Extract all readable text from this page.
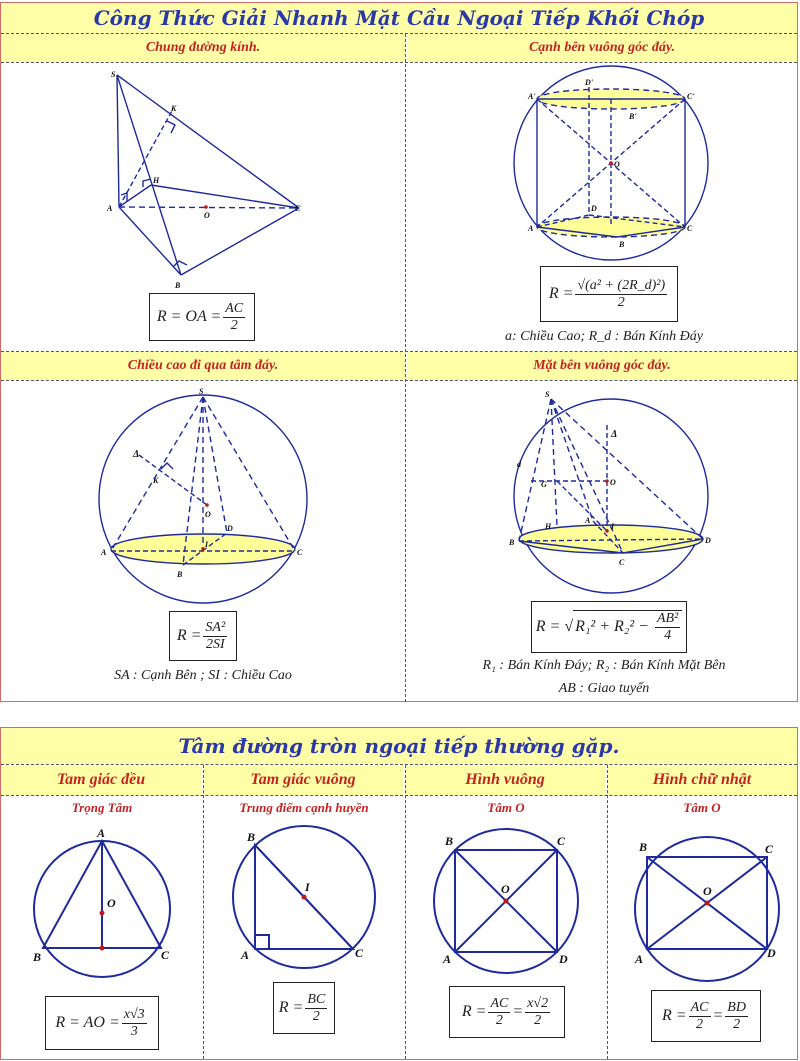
Công Thức Giải Nhanh Mặt Cầu Ngoại Tiếp Khối Chóp
Chung đường kính.	Cạnh bên vuông góc đáy.
Chiều cao đi qua tâm đáy.	Mặt bên vuông góc đáy.
S
K
H
A
O
C
B
R = OA = $\frac{AC}{2}$
D'
A'	C'
B'
O
D
A	C
B
$R = \frac{\text{√(a² + (2R\_d)²)}}{2}$
a: Chiều Cao; R_d : Bán Kính Đáy
S
Δ
K
O
D
A
I
C
B
$R = \frac{\text{SA²}}{2SI}$
SA : Cạnh Bên ; SI : Chiều Cao
S
Δ
d
G	O
B
H
A
I
D
C
R = √ $R_1^2 + R_2^2 - \frac{\text{AB²}}{4}$
R₁ : Bán Kính Đáy; R₂ : Bán Kính Mặt Bên
AB : Giao tuyến
Tâm đường tròn ngoại tiếp thường gặp.
Tam giác đều	Tam giác vuông	Hình vuông	Hình chữ nhật
Trọng Tâm	Trung điểm cạnh huyền	Tâm O	Tâm O
A
O
B	C
R = AO = $\frac{x√3}{3}$
B
I
A	C
$R = \frac{BC}{2}$
B	C
O
A	D
$R = \frac{AC}{2} = \frac{x√2}{2}$
B	C
O
A	D
$R = \frac{AC}{2} = \frac{BD}{2}$
